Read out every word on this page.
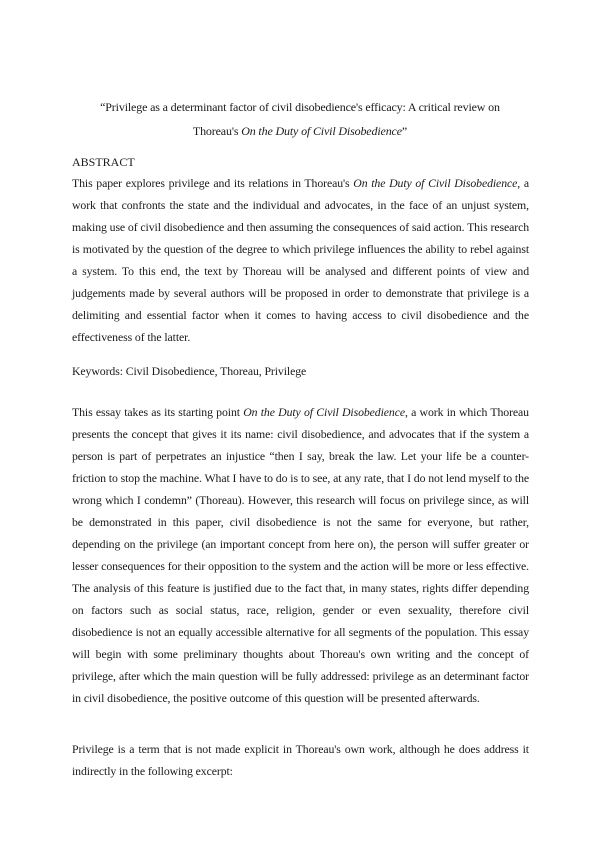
“Privilege as a determinant factor of civil disobedience's efficacy: A critical review on
Thoreau's On the Duty of Civil Disobedience”
ABSTRACT
This paper explores privilege and its relations in Thoreau's On the Duty of Civil Disobedience, a work that confronts the state and the individual and advocates, in the face of an unjust system, making use of civil disobedience and then assuming the consequences of said action. This research is motivated by the question of the degree to which privilege influences the ability to rebel against a system. To this end, the text by Thoreau will be analysed and different points of view and judgements made by several authors will be proposed in order to demonstrate that privilege is a delimiting and essential factor when it comes to having access to civil disobedience and the effectiveness of the latter.
Keywords: Civil Disobedience, Thoreau, Privilege
This essay takes as its starting point On the Duty of Civil Disobedience, a work in which Thoreau presents the concept that gives it its name: civil disobedience, and advocates that if the system a person is part of perpetrates an injustice “then I say, break the law. Let your life be a counter-friction to stop the machine. What I have to do is to see, at any rate, that I do not lend myself to the wrong which I condemn” (Thoreau). However, this research will focus on privilege since, as will be demonstrated in this paper, civil disobedience is not the same for everyone, but rather, depending on the privilege (an important concept from here on), the person will suffer greater or lesser consequences for their opposition to the system and the action will be more or less effective. The analysis of this feature is justified due to the fact that, in many states, rights differ depending on factors such as social status, race, religion, gender or even sexuality, therefore civil disobedience is not an equally accessible alternative for all segments of the population. This essay will begin with some preliminary thoughts about Thoreau's own writing and the concept of privilege, after which the main question will be fully addressed: privilege as an determinant factor in civil disobedience, the positive outcome of this question will be presented afterwards.
Privilege is a term that is not made explicit in Thoreau's own work, although he does address it indirectly in the following excerpt:
